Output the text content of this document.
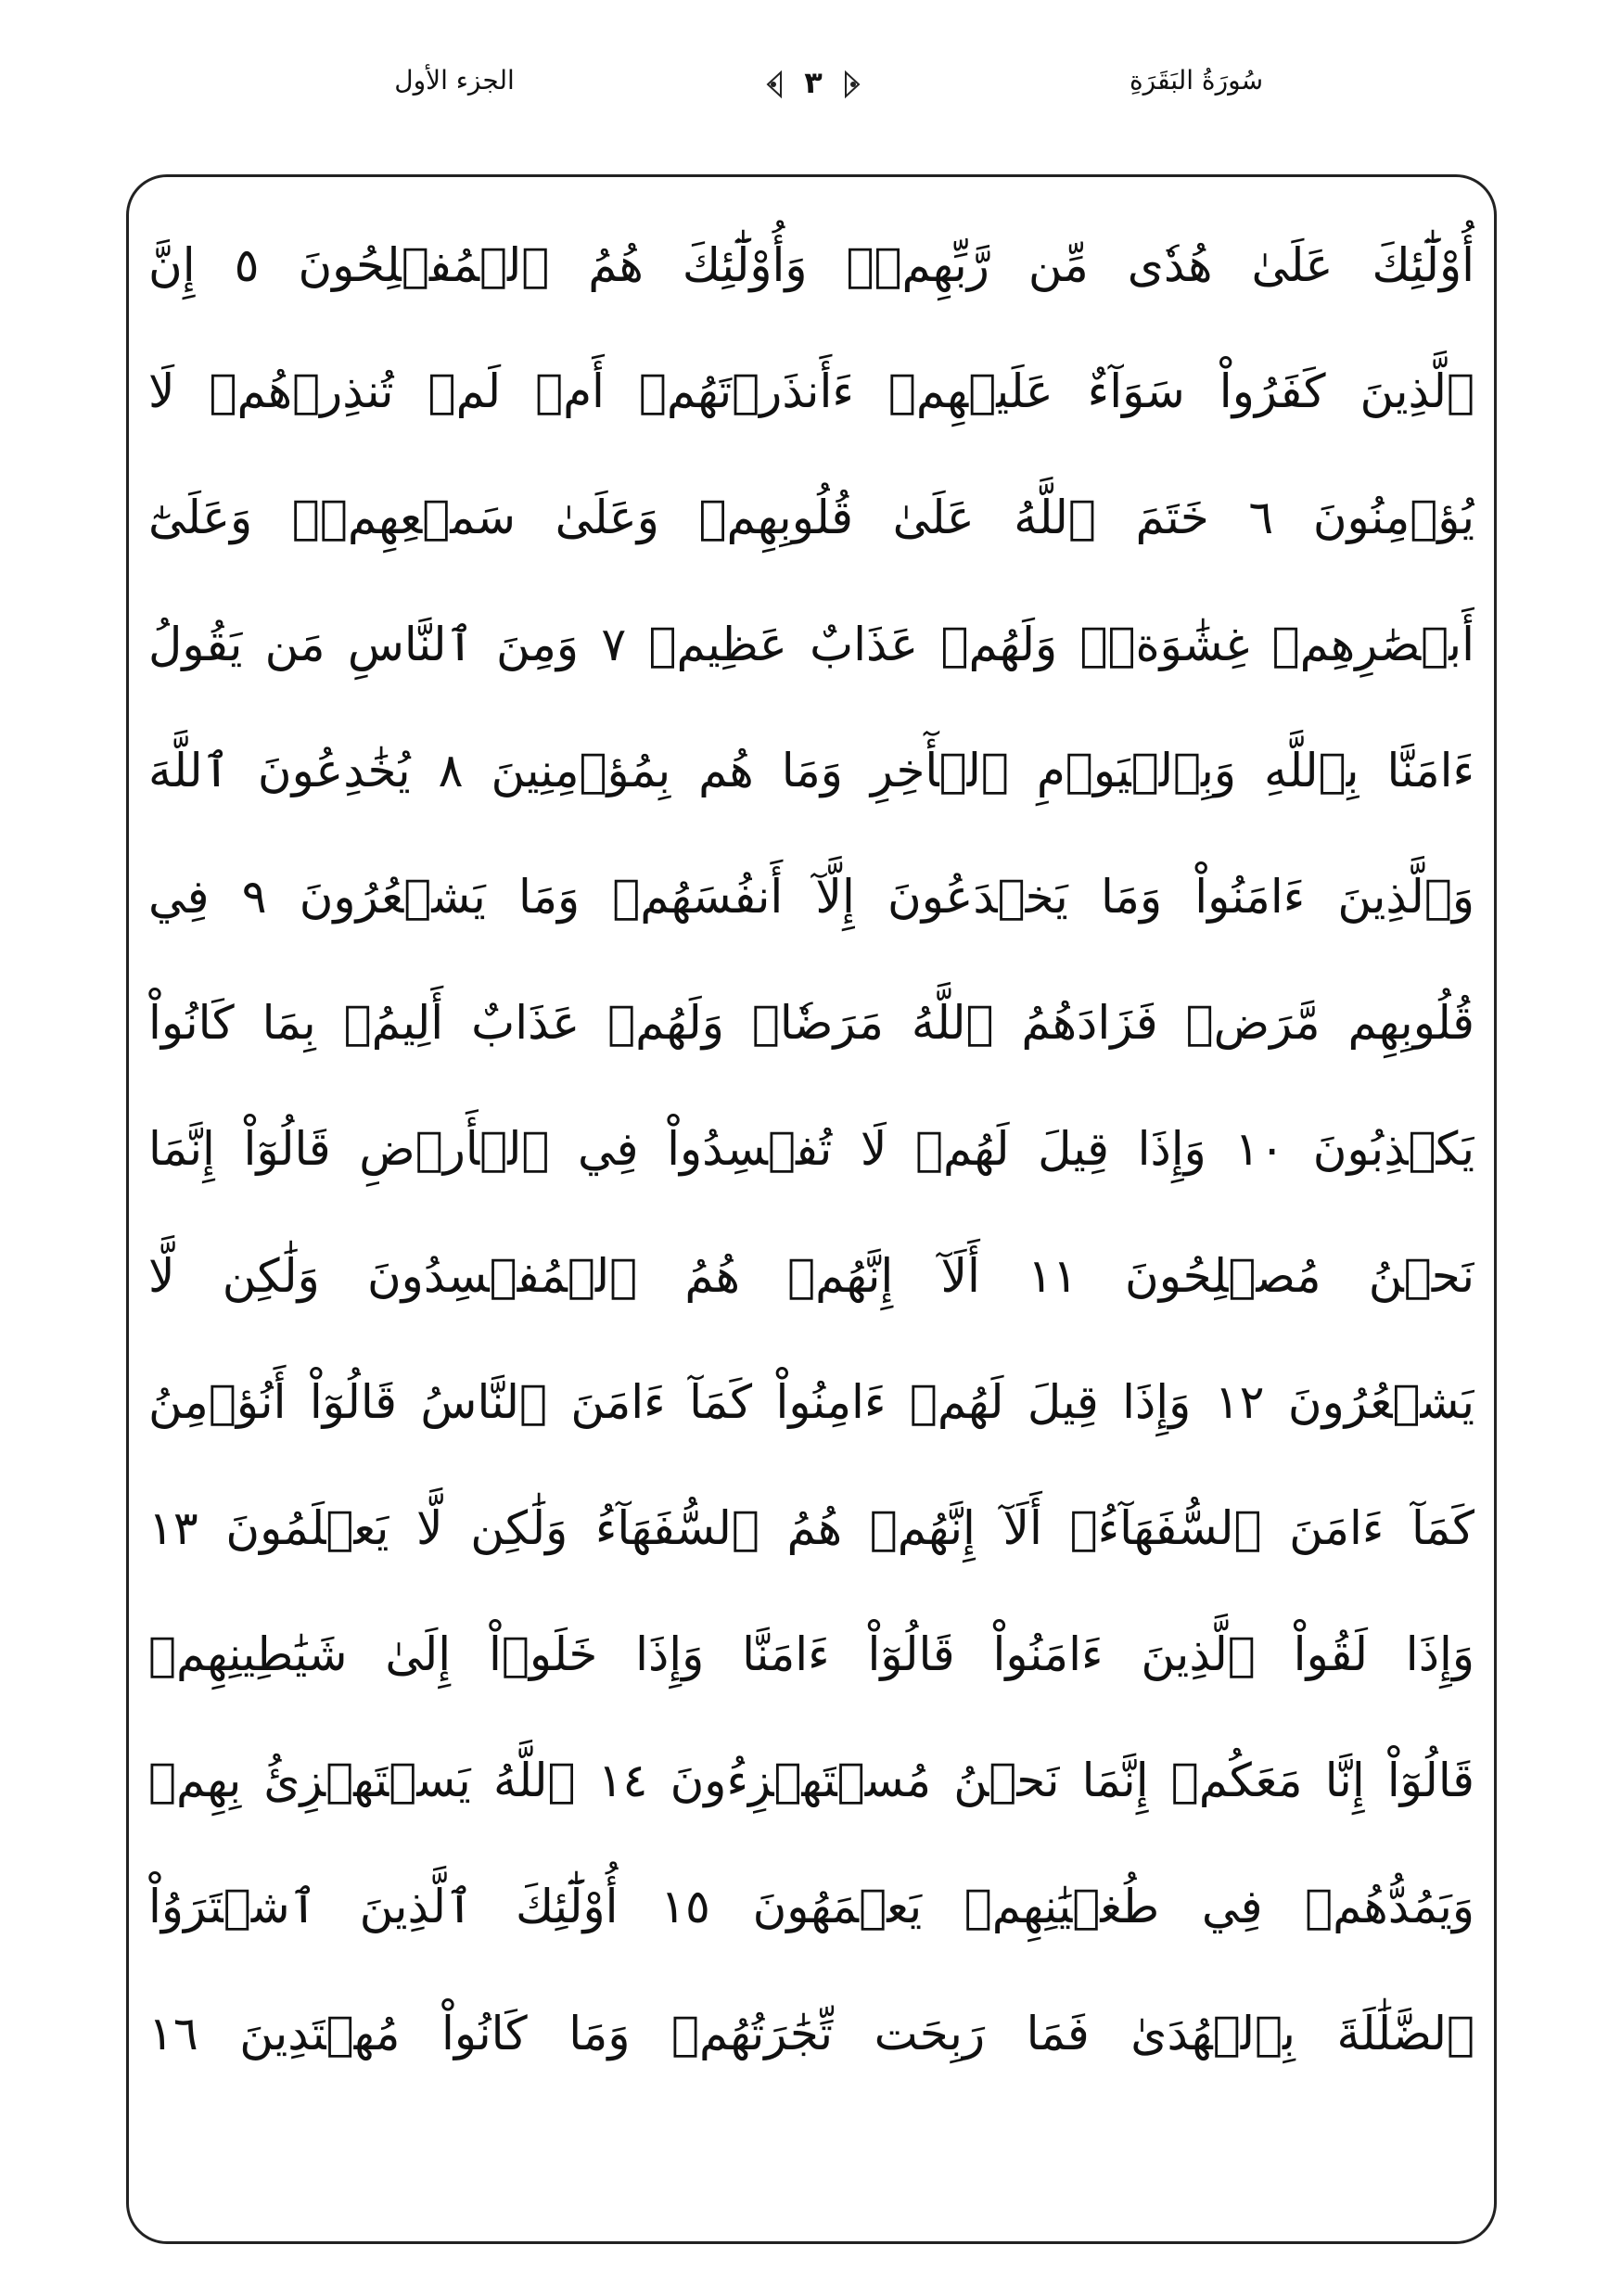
الجزء الأول	٣	سُورَةُ البَقَرَةِ
أُوْلَٰٓئِكَ عَلَىٰ هُدٗى مِّن رَّبِّهِمۡۖ وَأُوْلَٰٓئِكَ هُمُ ٱلۡمُفۡلِحُونَ ٥ إِنَّ
ٱلَّذِينَ كَفَرُواْ سَوَآءٌ عَلَيۡهِمۡ ءَأَنذَرۡتَهُمۡ أَمۡ لَمۡ تُنذِرۡهُمۡ لَا
يُؤۡمِنُونَ ٦ خَتَمَ ٱللَّهُ عَلَىٰ قُلُوبِهِمۡ وَعَلَىٰ سَمۡعِهِمۡۖ وَعَلَىٰٓ
أَبۡصَٰرِهِمۡ غِشَٰوَةٞۖ وَلَهُمۡ عَذَابٌ عَظِيمٞ ٧ وَمِنَ ٱلنَّاسِ مَن يَقُولُ
ءَامَنَّا بِٱللَّهِ وَبِٱلۡيَوۡمِ ٱلۡأٓخِرِ وَمَا هُم بِمُؤۡمِنِينَ ٨ يُخَٰدِعُونَ ٱللَّهَ
وَٱلَّذِينَ ءَامَنُواْ وَمَا يَخۡدَعُونَ إِلَّآ أَنفُسَهُمۡ وَمَا يَشۡعُرُونَ ٩ فِي
قُلُوبِهِم مَّرَضٞ فَزَادَهُمُ ٱللَّهُ مَرَضٗاۖ وَلَهُمۡ عَذَابٌ أَلِيمُۢ بِمَا كَانُواْ
يَكۡذِبُونَ ١٠ وَإِذَا قِيلَ لَهُمۡ لَا تُفۡسِدُواْ فِي ٱلۡأَرۡضِ قَالُوٓاْ إِنَّمَا
نَحۡنُ مُصۡلِحُونَ ١١ أَلَآ إِنَّهُمۡ هُمُ ٱلۡمُفۡسِدُونَ وَلَٰكِن لَّا
يَشۡعُرُونَ ١٢ وَإِذَا قِيلَ لَهُمۡ ءَامِنُواْ كَمَآ ءَامَنَ ٱلنَّاسُ قَالُوٓاْ أَنُؤۡمِنُ
كَمَآ ءَامَنَ ٱلسُّفَهَآءُۗ أَلَآ إِنَّهُمۡ هُمُ ٱلسُّفَهَآءُ وَلَٰكِن لَّا يَعۡلَمُونَ ١٣
وَإِذَا لَقُواْ ٱلَّذِينَ ءَامَنُواْ قَالُوٓاْ ءَامَنَّا وَإِذَا خَلَوۡاْ إِلَىٰ شَيَٰطِينِهِمۡ
قَالُوٓاْ إِنَّا مَعَكُمۡ إِنَّمَا نَحۡنُ مُسۡتَهۡزِءُونَ ١٤ ٱللَّهُ يَسۡتَهۡزِئُ بِهِمۡ
وَيَمُدُّهُمۡ فِي طُغۡيَٰنِهِمۡ يَعۡمَهُونَ ١٥ أُوْلَٰٓئِكَ ٱلَّذِينَ ٱشۡتَرَوُاْ
ٱلضَّلَٰلَةَ بِٱلۡهُدَىٰ فَمَا رَبِحَت تِّجَٰرَتُهُمۡ وَمَا كَانُواْ مُهۡتَدِينَ ١٦
